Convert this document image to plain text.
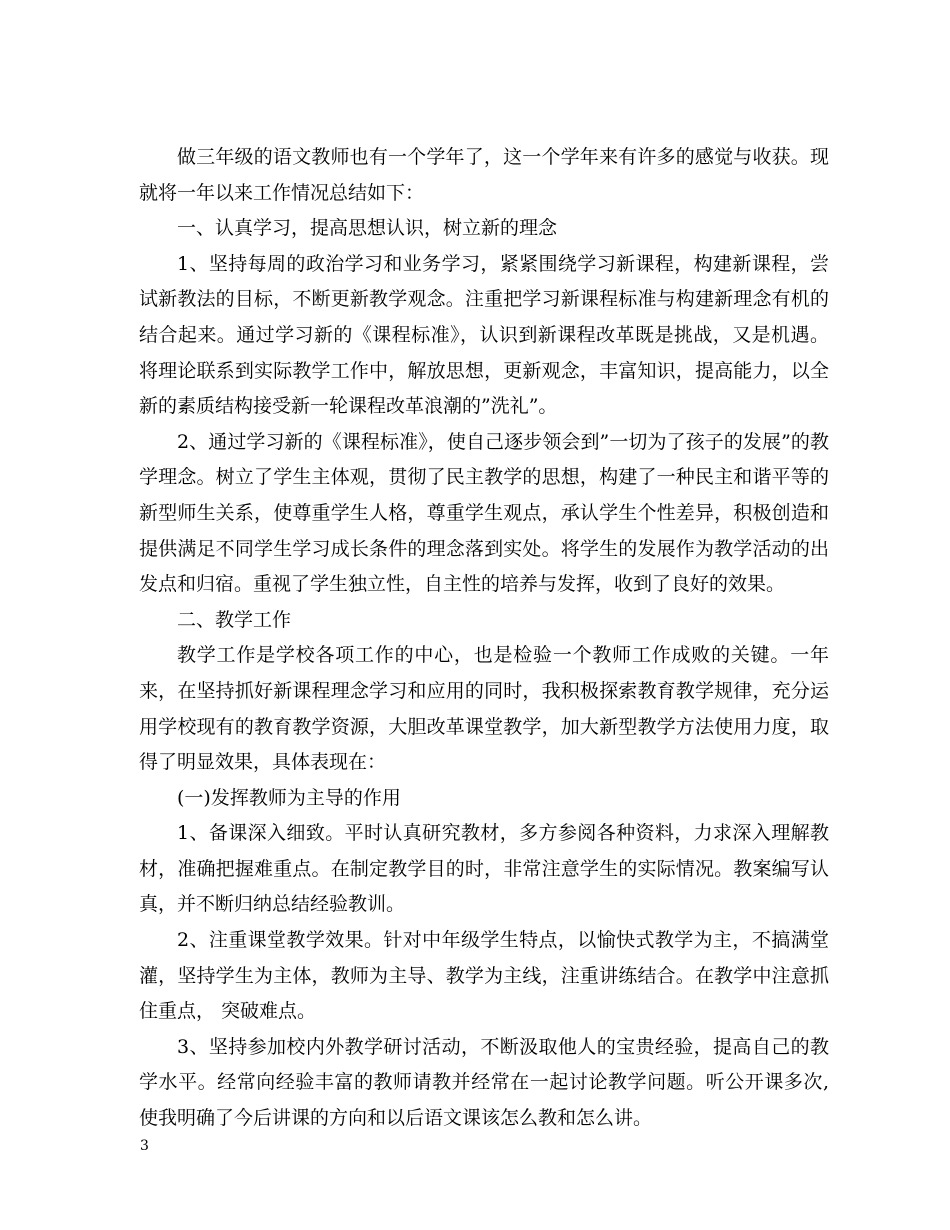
做三年级的语文教师也有一个学年了，这一个学年来有许多的感觉与收获。现就将一年以来工作情况总结如下：

一、认真学习，提高思想认识，树立新的理念

1、坚持每周的政治学习和业务学习，紧紧围绕学习新课程，构建新课程，尝试新教法的目标，不断更新教学观念。注重把学习新课程标准与构建新理念有机的结合起来。通过学习新的《课程标准》，认识到新课程改革既是挑战，又是机遇。将理论联系到实际教学工作中，解放思想，更新观念，丰富知识，提高能力，以全新的素质结构接受新一轮课程改革浪潮的”洗礼”。

2、通过学习新的《课程标准》，使自己逐步领会到”一切为了孩子的发展”的教学理念。树立了学生主体观，贯彻了民主教学的思想，构建了一种民主和谐平等的新型师生关系，使尊重学生人格，尊重学生观点，承认学生个性差异，积极创造和提供满足不同学生学习成长条件的理念落到实处。将学生的发展作为教学活动的出发点和归宿。重视了学生独立性，自主性的培养与发挥，收到了良好的效果。

二、教学工作

教学工作是学校各项工作的中心，也是检验一个教师工作成败的关键。一年来，在坚持抓好新课程理念学习和应用的同时，我积极探索教育教学规律，充分运用学校现有的教育教学资源，大胆改革课堂教学，加大新型教学方法使用力度，取得了明显效果，具体表现在：

(一)发挥教师为主导的作用

1、备课深入细致。平时认真研究教材，多方参阅各种资料，力求深入理解教材，准确把握难重点。在制定教学目的时，非常注意学生的实际情况。教案编写认真，并不断归纳总结经验教训。

2、注重课堂教学效果。针对中年级学生特点，以愉快式教学为主，不搞满堂灌，坚持学生为主体，教师为主导、教学为主线，注重讲练结合。在教学中注意抓住重点， 突破难点。

3、坚持参加校内外教学研讨活动，不断汲取他人的宝贵经验，提高自己的教学水平。经常向经验丰富的教师请教并经常在一起讨论教学问题。听公开课多次,使我明确了今后讲课的方向和以后语文课该怎么教和怎么讲。

3
